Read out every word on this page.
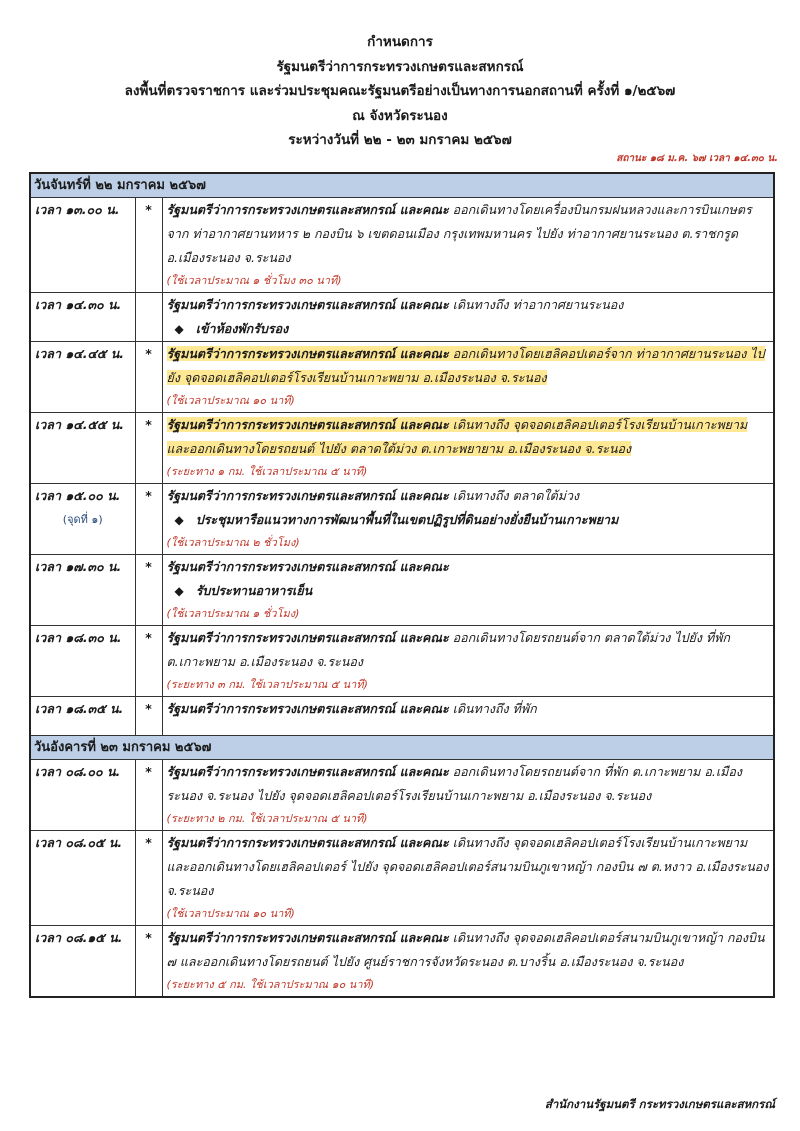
กำหนดการ
รัฐมนตรีว่าการกระทรวงเกษตรและสหกรณ์
ลงพื้นที่ตรวจราชการ และร่วมประชุมคณะรัฐมนตรีอย่างเป็นทางการนอกสถานที่ ครั้งที่ ๑/๒๕๖๗
ณ จังหวัดระนอง
ระหว่างวันที่ ๒๒ - ๒๓ มกราคม ๒๕๖๗
สถานะ ๑๘ ม.ค. ๖๗ เวลา ๑๔.๓๐ น.
วันจันทร์ที่ ๒๒ มกราคม ๒๕๖๗		
เวลา ๑๓.๐๐ น.	*	รัฐมนตรีว่าการกระทรวงเกษตรและสหกรณ์ และคณะ ออกเดินทางโดยเครื่องบินกรมฝนหลวงและการบินเกษตร จาก ท่าอากาศยานทหาร ๒ กองบิน ๖ เขตดอนเมือง กรุงเทพมหานคร ไปยัง ท่าอากาศยานระนอง ต.ราชกรูด อ.เมืองระนอง จ.ระนอง
(ใช้เวลาประมาณ ๑ ชั่วโมง ๓๐ นาที)

เวลา ๑๔.๓๐ น.		รัฐมนตรีว่าการกระทรวงเกษตรและสหกรณ์ และคณะ เดินทางถึง ท่าอากาศยานระนอง
◆ เข้าห้องพักรับรอง

เวลา ๑๔.๔๕ น.	*	รัฐมนตรีว่าการกระทรวงเกษตรและสหกรณ์ และคณะ ออกเดินทางโดยเฮลิคอปเตอร์จาก ท่าอากาศยานระนอง ไปยัง จุดจอดเฮลิคอปเตอร์โรงเรียนบ้านเกาะพยาม อ.เมืองระนอง จ.ระนอง
(ใช้เวลาประมาณ ๑๐ นาที)

เวลา ๑๔.๕๕ น.	*	รัฐมนตรีว่าการกระทรวงเกษตรและสหกรณ์ และคณะ เดินทางถึง จุดจอดเฮลิคอปเตอร์โรงเรียนบ้านเกาะพยาม และออกเดินทางโดยรถยนต์ ไปยัง ตลาดใต้ม่วง ต.เกาะพยายาม อ.เมืองระนอง จ.ระนอง
(ระยะทาง ๑ กม. ใช้เวลาประมาณ ๕ นาที)

เวลา ๑๕.๐๐ น.
(จุดที่ ๑)	*	รัฐมนตรีว่าการกระทรวงเกษตรและสหกรณ์ และคณะ เดินทางถึง ตลาดใต้ม่วง
◆ ประชุมหารือแนวทางการพัฒนาพื้นที่ในเขตปฏิรูปที่ดินอย่างยั่งยืนบ้านเกาะพยาม
(ใช้เวลาประมาณ ๒ ชั่วโมง)

เวลา ๑๗.๓๐ น.	*	รัฐมนตรีว่าการกระทรวงเกษตรและสหกรณ์ และคณะ
◆ รับประทานอาหารเย็น
(ใช้เวลาประมาณ ๑ ชั่วโมง)

เวลา ๑๘.๓๐ น.	*	รัฐมนตรีว่าการกระทรวงเกษตรและสหกรณ์ และคณะ ออกเดินทางโดยรถยนต์จาก ตลาดใต้ม่วง ไปยัง ที่พัก ต.เกาะพยาม อ.เมืองระนอง จ.ระนอง
(ระยะทาง ๓ กม. ใช้เวลาประมาณ ๕ นาที)

เวลา ๑๘.๓๕ น.	*	รัฐมนตรีว่าการกระทรวงเกษตรและสหกรณ์ และคณะ เดินทางถึง ที่พัก

วันอังคารที่ ๒๓ มกราคม ๒๕๖๗		
เวลา ๐๘.๐๐ น.	*	รัฐมนตรีว่าการกระทรวงเกษตรและสหกรณ์ และคณะ ออกเดินทางโดยรถยนต์จาก ที่พัก ต.เกาะพยาม อ.เมืองระนอง จ.ระนอง ไปยัง จุดจอดเฮลิคอปเตอร์โรงเรียนบ้านเกาะพยาม อ.เมืองระนอง จ.ระนอง
(ระยะทาง ๒ กม. ใช้เวลาประมาณ ๕ นาที)

เวลา ๐๘.๐๕ น.	*	รัฐมนตรีว่าการกระทรวงเกษตรและสหกรณ์ และคณะ เดินทางถึง จุดจอดเฮลิคอปเตอร์โรงเรียนบ้านเกาะพยาม และออกเดินทางโดยเฮลิคอปเตอร์ ไปยัง จุดจอดเฮลิคอปเตอร์สนามบินภูเขาหญ้า กองบิน ๗ ต.หงาว อ.เมืองระนอง จ.ระนอง
(ใช้เวลาประมาณ ๑๐ นาที)

เวลา ๐๘.๑๕ น.	*	รัฐมนตรีว่าการกระทรวงเกษตรและสหกรณ์ และคณะ เดินทางถึง จุดจอดเฮลิคอปเตอร์สนามบินภูเขาหญ้า กองบิน ๗ และออกเดินทางโดยรถยนต์ ไปยัง ศูนย์ราชการจังหวัดระนอง ต.บางริ้น อ.เมืองระนอง จ.ระนอง
(ระยะทาง ๕ กม. ใช้เวลาประมาณ ๑๐ นาที)
สำนักงานรัฐมนตรี กระทรวงเกษตรและสหกรณ์
